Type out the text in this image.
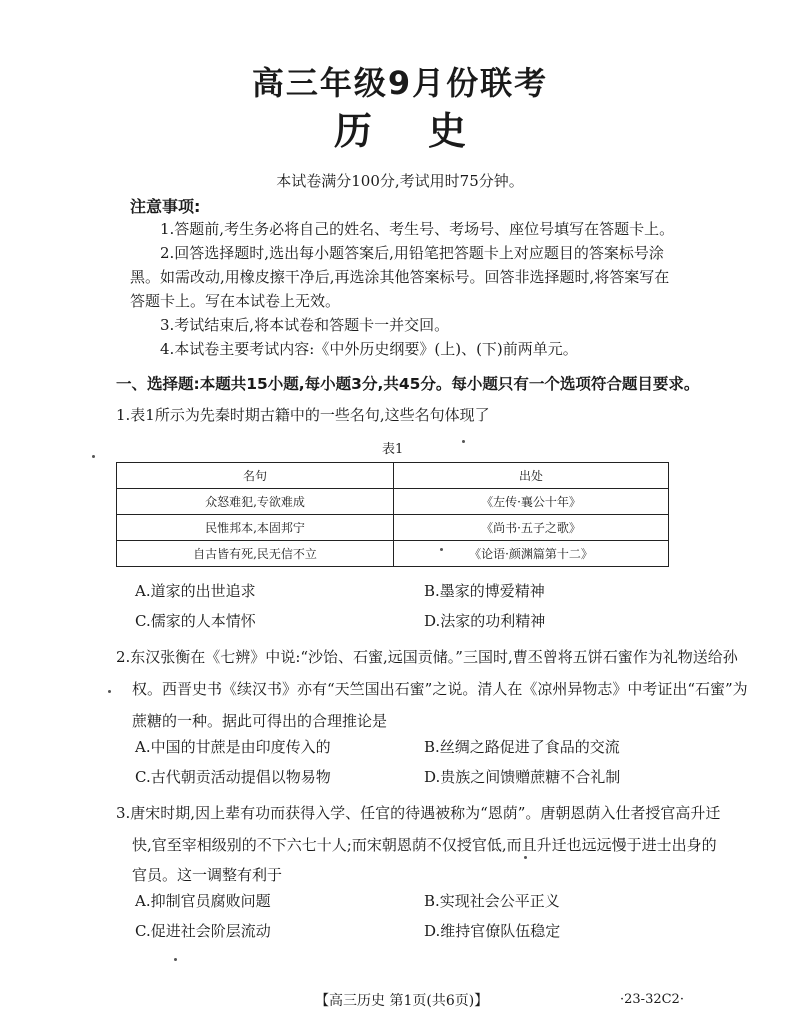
高三年级9月份联考
历 史
本试卷满分100分,考试用时75分钟。
注意事项:
1.答题前,考生务必将自己的姓名、考生号、考场号、座位号填写在答题卡上。
2.回答选择题时,选出每小题答案后,用铅笔把答题卡上对应题目的答案标号涂
黑。如需改动,用橡皮擦干净后,再选涂其他答案标号。回答非选择题时,将答案写在
答题卡上。写在本试卷上无效。
3.考试结束后,将本试卷和答题卡一并交回。
4.本试卷主要考试内容:《中外历史纲要》(上)、(下)前两单元。
一、选择题:本题共15小题,每小题3分,共45分。每小题只有一个选项符合题目要求。
1.表1所示为先秦时期古籍中的一些名句,这些名句体现了
表1
名句	出处
众怒难犯,专欲难成	《左传·襄公十年》
民惟邦本,本固邦宁	《尚书·五子之歌》
自古皆有死,民无信不立	《论语·颜渊篇第十二》
A.道家的出世追求	B.墨家的博爱精神
C.儒家的人本情怀	D.法家的功利精神
2.东汉张衡在《七辨》中说:“沙饴、石蜜,远国贡储。”三国时,曹丕曾将五饼石蜜作为礼物送给孙
权。西晋史书《续汉书》亦有“天竺国出石蜜”之说。清人在《凉州异物志》中考证出“石蜜”为
蔗糖的一种。据此可得出的合理推论是
A.中国的甘蔗是由印度传入的	B.丝绸之路促进了食品的交流
C.古代朝贡活动提倡以物易物	D.贵族之间馈赠蔗糖不合礼制
3.唐宋时期,因上辈有功而获得入学、任官的待遇被称为“恩荫”。唐朝恩荫入仕者授官高升迁
快,官至宰相级别的不下六七十人;而宋朝恩荫不仅授官低,而且升迁也远远慢于进士出身的
官员。这一调整有利于
A.抑制官员腐败问题	B.实现社会公平正义
C.促进社会阶层流动	D.维持官僚队伍稳定
【高三历史 第1页(共6页)】	·23-32C2·
